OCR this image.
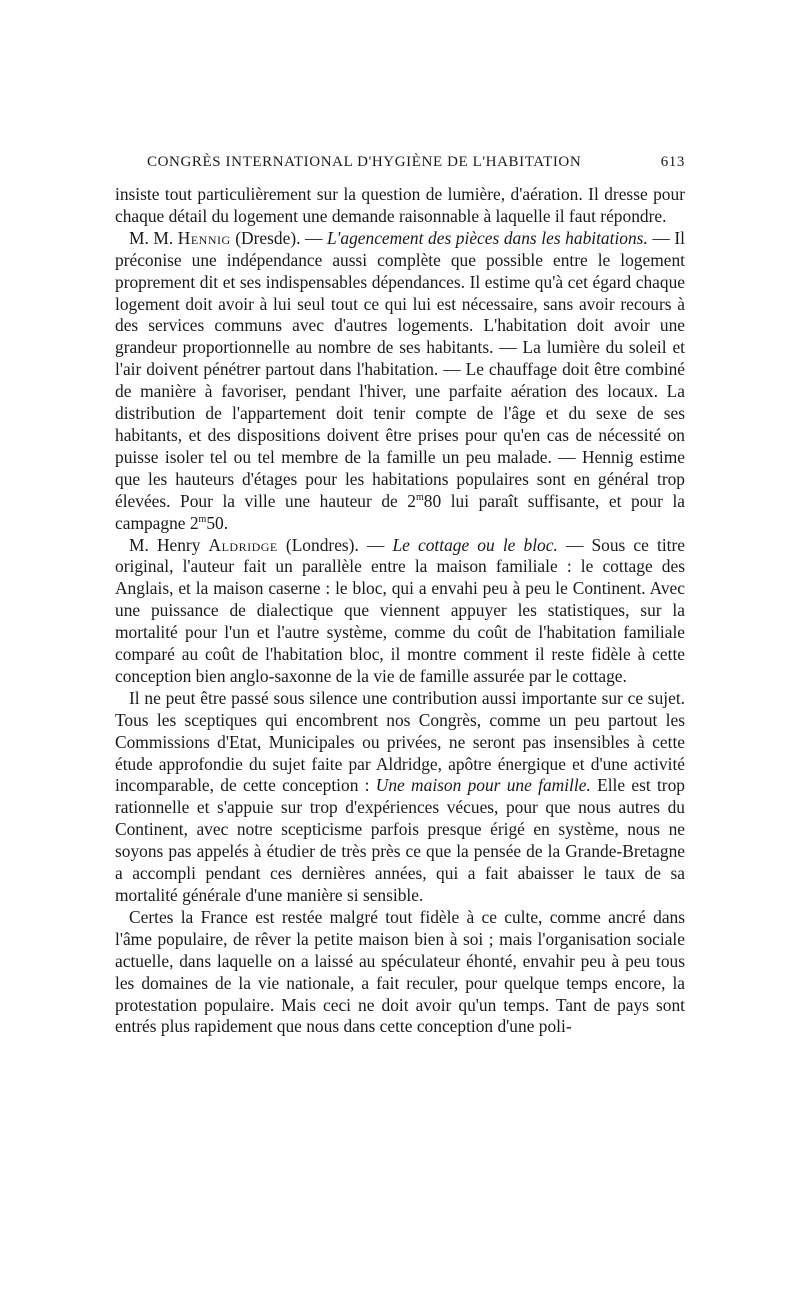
CONGRÈS INTERNATIONAL D'HYGIÈNE DE L'HABITATION	613

insiste tout particulièrement sur la question de lumière, d'aération. Il dresse pour chaque détail du logement une demande raisonnable à laquelle il faut répondre.

M. M. Hennig (Dresde). — L'agencement des pièces dans les habitations. — Il préconise une indépendance aussi complète que possible entre le logement proprement dit et ses indispensables dépendances. Il estime qu'à cet égard chaque logement doit avoir à lui seul tout ce qui lui est nécessaire, sans avoir recours à des services communs avec d'autres logements. L'habitation doit avoir une grandeur proportionnelle au nombre de ses habitants. — La lumière du soleil et l'air doivent pénétrer partout dans l'habitation. — Le chauffage doit être combiné de manière à favoriser, pendant l'hiver, une parfaite aération des locaux. La distribution de l'appartement doit tenir compte de l'âge et du sexe de ses habitants, et des dispositions doivent être prises pour qu'en cas de nécessité on puisse isoler tel ou tel membre de la famille un peu malade. — Hennig estime que les hauteurs d'étages pour les habitations populaires sont en général trop élevées. Pour la ville une hauteur de 2$^m$80 lui paraît suffisante, et pour la campagne 2$^m$50.

M. Henry Aldridge (Londres). — Le cottage ou le bloc. — Sous ce titre original, l'auteur fait un parallèle entre la maison familiale : le cottage des Anglais, et la maison caserne : le bloc, qui a envahi peu à peu le Continent. Avec une puissance de dialectique que viennent appuyer les statistiques, sur la mortalité pour l'un et l'autre système, comme du coût de l'habitation familiale comparé au coût de l'habitation bloc, il montre comment il reste fidèle à cette conception bien anglo-saxonne de la vie de famille assurée par le cottage.

Il ne peut être passé sous silence une contribution aussi importante sur ce sujet. Tous les sceptiques qui encombrent nos Congrès, comme un peu partout les Commissions d'Etat, Municipales ou privées, ne seront pas insensibles à cette étude approfondie du sujet faite par Aldridge, apôtre énergique et d'une activité incomparable, de cette conception : Une maison pour une famille. Elle est trop rationnelle et s'appuie sur trop d'expériences vécues, pour que nous autres du Continent, avec notre scepticisme parfois presque érigé en système, nous ne soyons pas appelés à étudier de très près ce que la pensée de la Grande-Bretagne a accompli pendant ces dernières années, qui a fait abaisser le taux de sa mortalité générale d'une manière si sensible.

Certes la France est restée malgré tout fidèle à ce culte, comme ancré dans l'âme populaire, de rêver la petite maison bien à soi ; mais l'organisation sociale actuelle, dans laquelle on a laissé au spéculateur éhonté, envahir peu à peu tous les domaines de la vie nationale, a fait reculer, pour quelque temps encore, la protestation populaire. Mais ceci ne doit avoir qu'un temps. Tant de pays sont entrés plus rapidement que nous dans cette conception d'une poli-
